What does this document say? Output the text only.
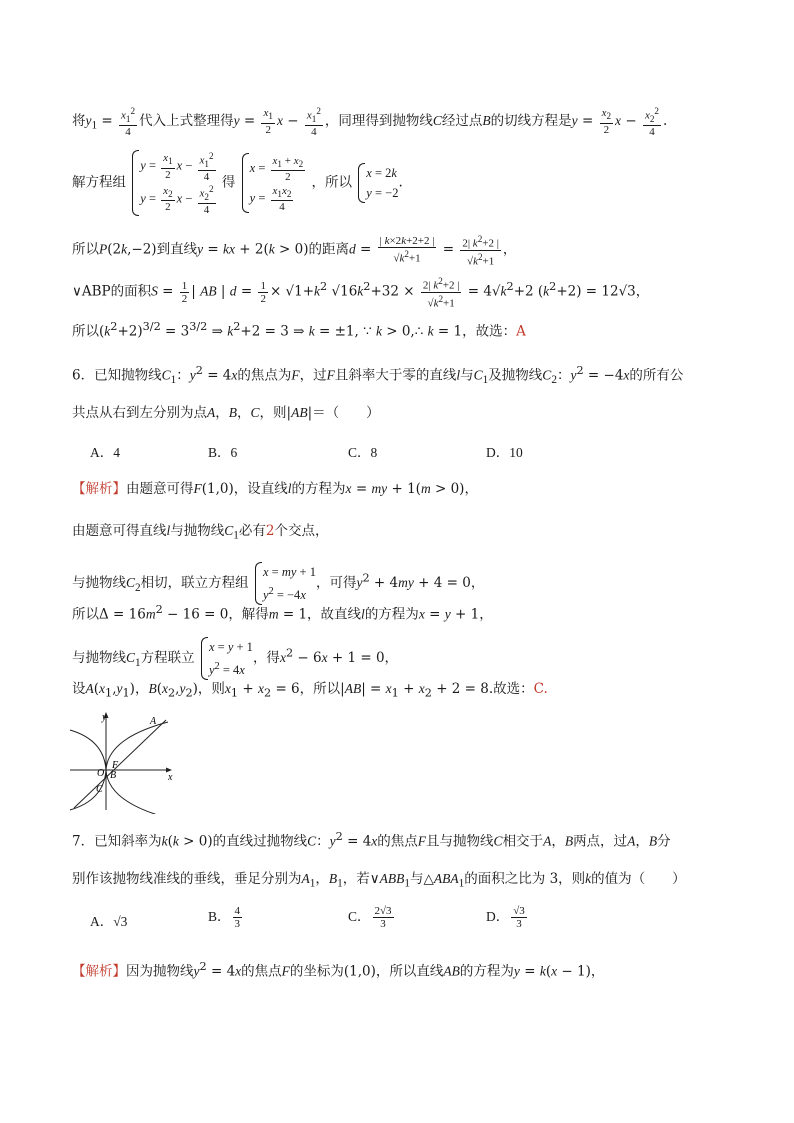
将$y_1 = \frac{x_1^2}{4}$ 代入上式整理得$y = \frac{x_1}{2}$ $x - \frac{x_1^2}{4}$ ，同理得到抛物线C经过点B的切线方程是$y = \frac{x_2}{2}$ $x - \frac{x_2^2}{4}$ .
解方程组
$y = \frac{x_1}{2}$ $x - \frac{x_1^2}{4}$
$y = \frac{x_2}{2}$ $x - \frac{x_2^2}{4}$
得
$x = \frac{x_1 + x_2}{2}$
$y = \frac{x_1x_2}{4}$
，所以
x = 2k
y = −2
.
所以P(2k,−2)到直线y = kx + 2(k > 0)的距离$d = \frac{| k\times 2k+2+2 |}{√k^2+1} = \frac{2| k^2+2 |}{√k^2+1}$ ，
∨ABP的面积$S = \frac{1}{2}$ | AB | $d = \frac{1}{2} \times √1+k^2$ $√16k^2+32 \times \frac{2| k^2+2 |}{√k^2+1} = 4√k^2+2$ $(k^2+2) = 12√3$，
所以$(k^2+2)^{3/2} = 3^{3/2}$ ⇒ $k^2+2 = 3$ ⇒ k = ±1, ∵ k > 0,∴ k = 1，故选：A
6．已知抛物线$C_1$：$y^2 = 4x$的焦点为F，过F且斜率大于零的直线l与$C_1$及抛物线$C_2$：$y^2 = -4x$的所有公
共点从右到左分别为点A，B，C，则|AB|＝（　　）
A．4	B．6	C．8	D．10
【解析】由题意可得F(1,0)，设直线l的方程为x = my + 1(m > 0)，
由题意可得直线l与抛物线$C_1$必有2个交点，
与抛物线$C_2$相切，联立方程组
x = my + 1
$y^2 = -4x$
，可得$y^2 + 4my + 4 = 0$，
所以$\Delta = 16m^2 - 16 = 0$，解得m = 1，故直线l的方程为x = y + 1，
与抛物线$C_1$方程联立
x = y + 1
$y^2 = 4x$
，得$x^2 - 6x + 1 = 0$，
设$A(x_1,y_1)$，$B(x_2,y_2)$，则$x_1 + x_2 = 6$，所以$|AB| = x_1 + x_2 + 2 = 8$.故选：C.
y	A
F
O B
C
x
7．已知斜率为k(k > 0)的直线过抛物线C：$y^2 = 4x$的焦点F且与抛物线C相交于A，B两点，过A，B分
别作该抛物线准线的垂线，垂足分别为$A_1$，$B_1$，若$\vee ABB_1$与$\triangle ABA_1$的面积之比为 3，则k的值为（　　）
A．√3	B． $\frac{4}{3}$	C． $\frac{2√3}{3}$	D． $\frac{√3}{3}$
【解析】因为抛物线$y^2 = 4x$的焦点F的坐标为(1,0)，所以直线AB的方程为y = k(x − 1)，
